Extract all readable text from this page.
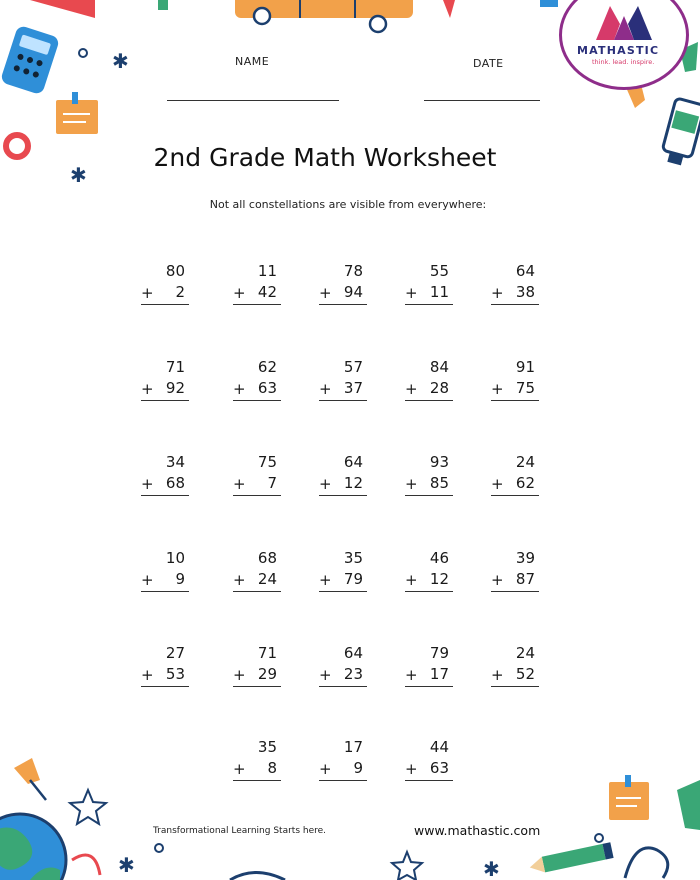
✱
✱
✱	✱
MATHASTIC
think. lead. inspire.
NAME	DATE
2nd Grade Math Worksheet
Not all constellations are visible from everywhere:
80
+ 2
11
+ 42
78
+ 94
55
+ 11
64
+ 38
71
+ 92
62
+ 63
57
+ 37
84
+ 28
91
+ 75
34
+ 68
75
+ 7
64
+ 12
93
+ 85
24
+ 62
10
+ 9
68
+ 24
35
+ 79
46
+ 12
39
+ 87
27
+ 53
71
+ 29
64
+ 23
79
+ 17
24
+ 52
35
+ 8
17
+ 9
44
+ 63
Transformational Learning Starts here.	www.mathastic.com
